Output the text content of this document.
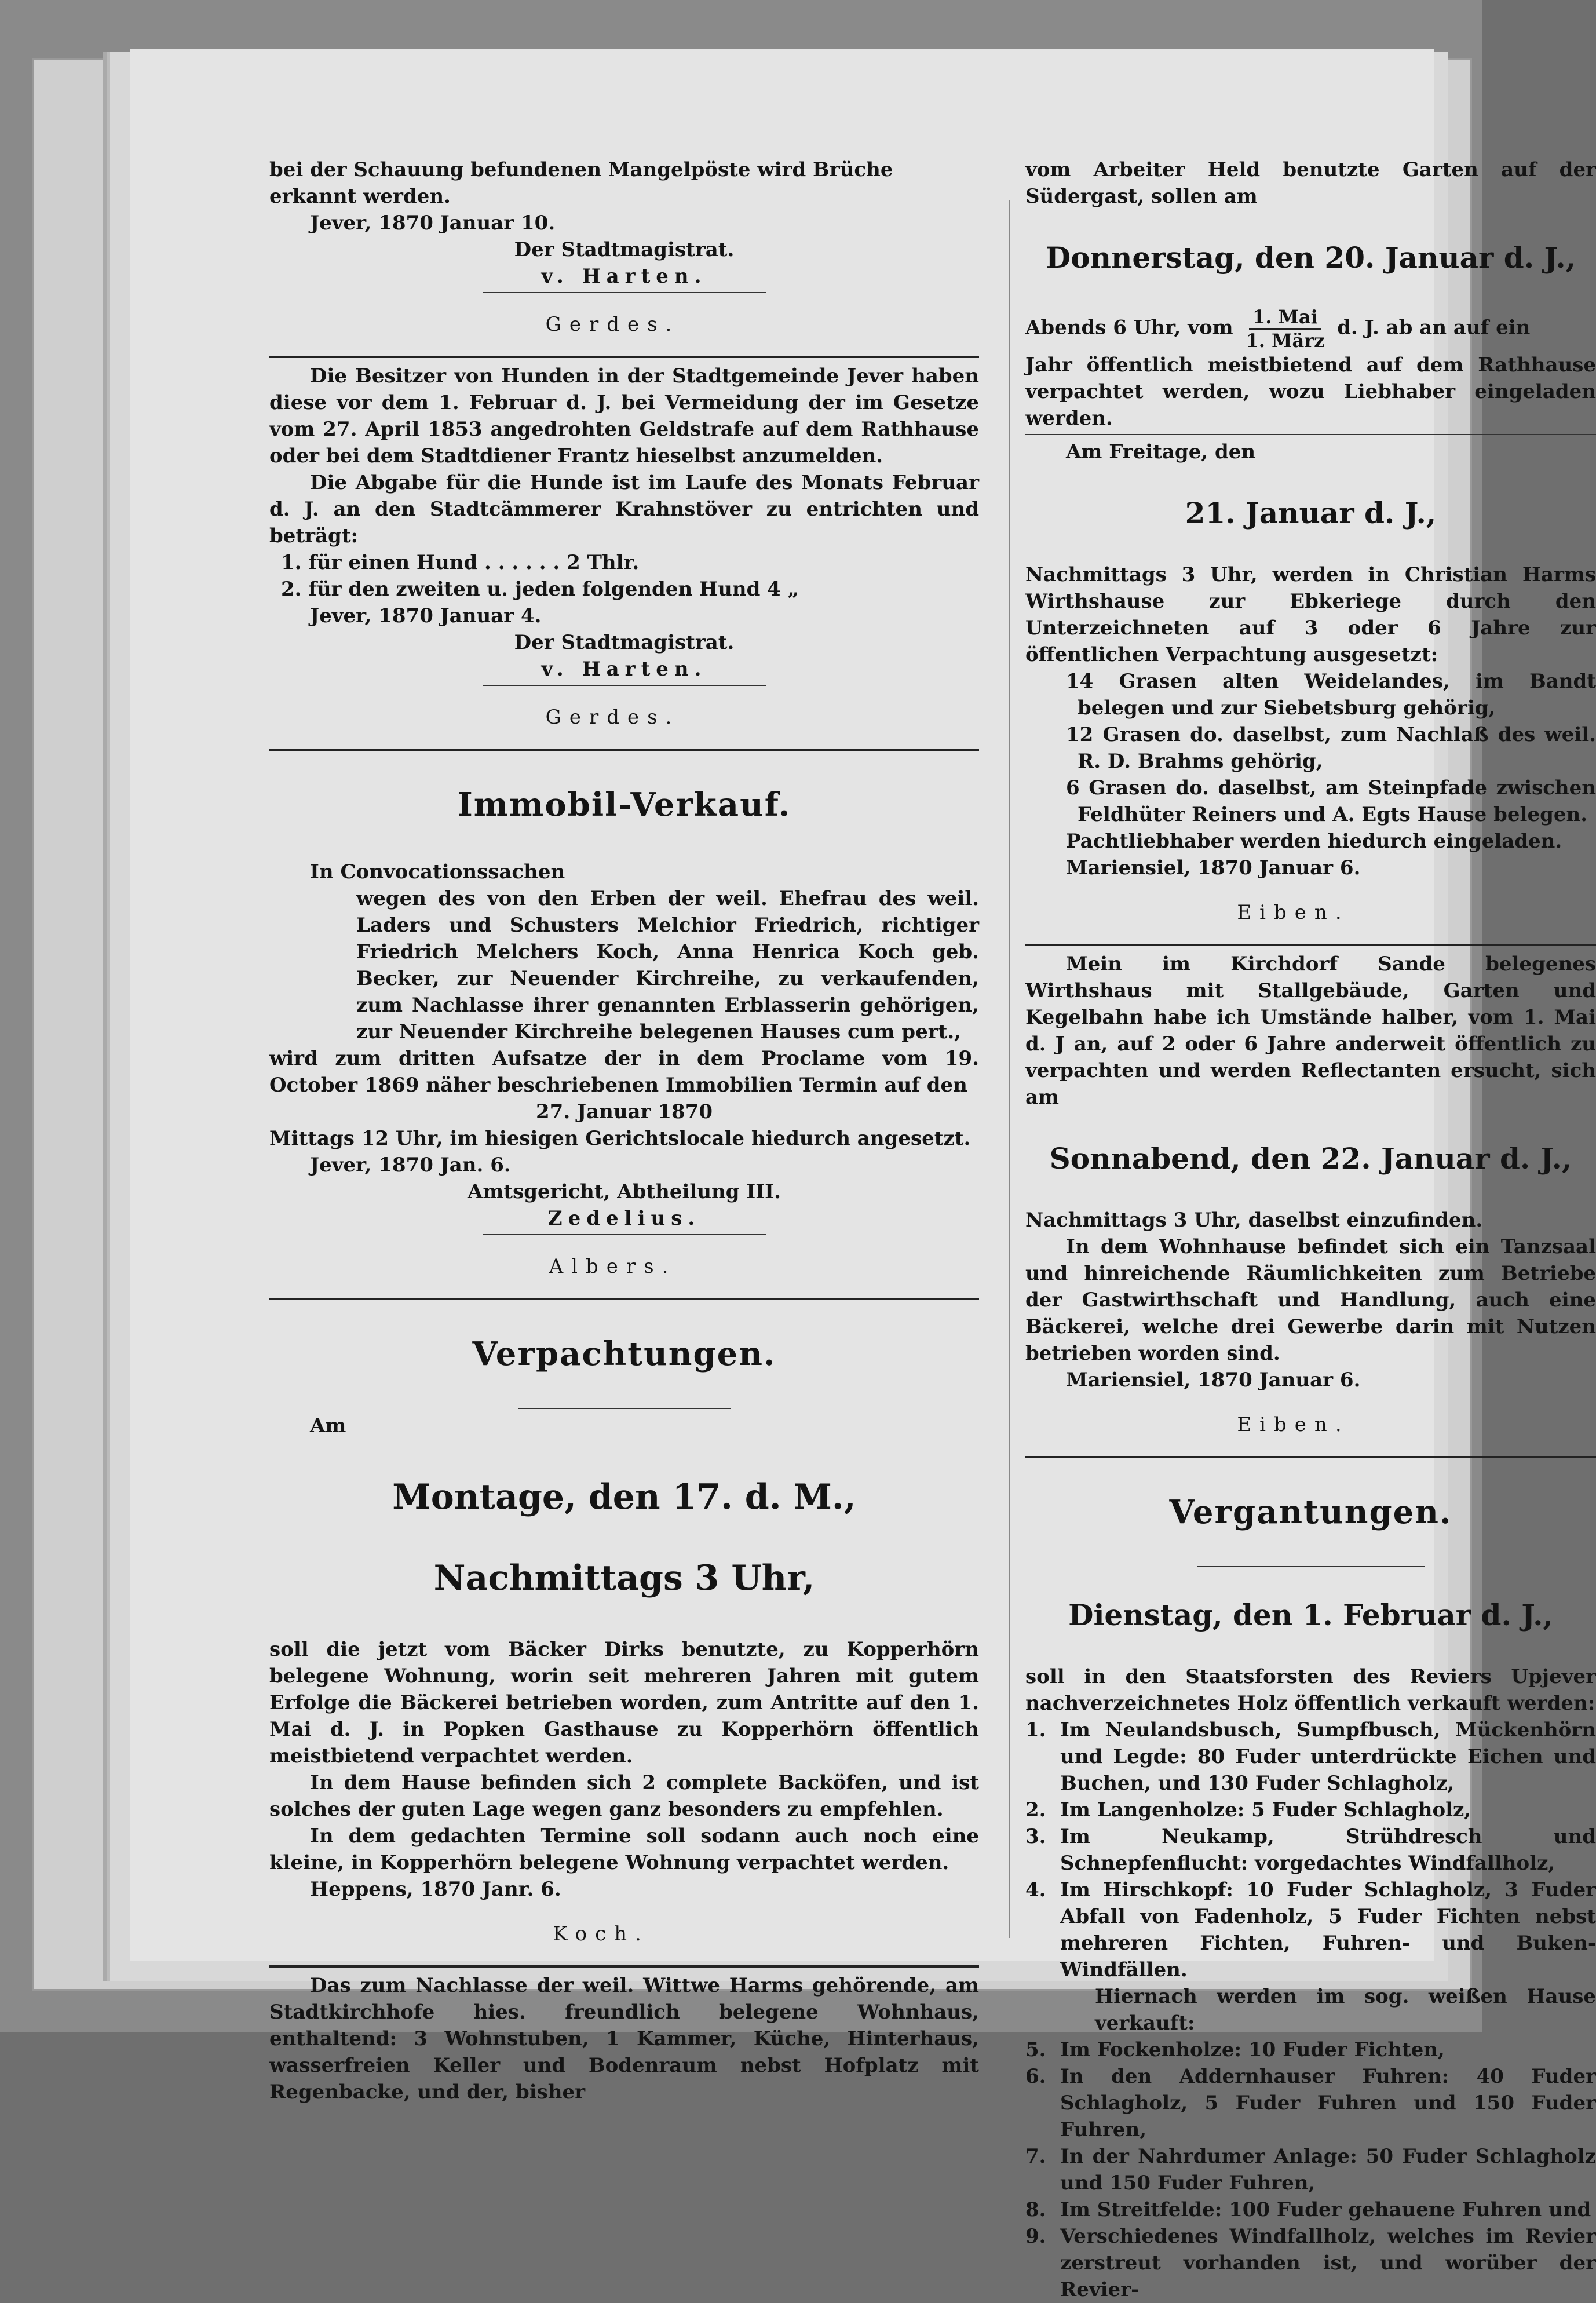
bei der Schauung befundenen Mangelpöste wird Brüche

erkannt werden.

Jever, 1870 Januar 10.

Der Stadtmagistrat.

v. Harten.

Gerdes.

Die Besitzer von Hunden in der Stadtgemeinde Jever haben diese vor dem 1. Februar d. J. bei Vermeidung der im Gesetze vom 27. April 1853 angedrohten Geldstrafe auf dem Rathhause oder bei dem Stadtdiener Frantz hieselbst anzumelden.

Die Abgabe für die Hunde ist im Laufe des Monats Februar d. J. an den Stadtcämmerer Krahnstöver zu entrichten und beträgt:

1. für einen Hund . . . . . . 2 Thlr.

2. für den zweiten u. jeden folgenden Hund 4 „

Jever, 1870 Januar 4.

Der Stadtmagistrat.

v. Harten.

Gerdes.

Immobil-Verkauf.

In Convocationssachen

wegen des von den Erben der weil. Ehefrau des weil. Laders und Schusters Melchior Friedrich, richtiger Friedrich Melchers Koch, Anna Henrica Koch geb. Becker, zur Neuender Kirchreihe, zu verkaufenden, zum Nachlasse ihrer genannten Erblasserin gehörigen, zur Neuender Kirchreihe belegenen Hauses cum pert.,

wird zum dritten Aufsatze der in dem Proclame vom 19. October 1869 näher beschriebenen Immobilien Termin auf den

27. Januar 1870

Mittags 12 Uhr, im hiesigen Gerichtslocale hiedurch angesetzt.

Jever, 1870 Jan. 6.

Amtsgericht, Abtheilung III.

Zedelius.

Albers.

Verpachtungen.

Am

Montage, den 17. d. M.,

Nachmittags 3 Uhr,

soll die jetzt vom Bäcker Dirks benutzte, zu Kopperhörn belegene Wohnung, worin seit mehreren Jahren mit gutem Erfolge die Bäckerei betrieben worden, zum Antritte auf den 1. Mai d. J. in Popken Gasthause zu Kopperhörn öffentlich meistbietend verpachtet werden.

In dem Hause befinden sich 2 complete Backöfen, und ist solches der guten Lage wegen ganz besonders zu empfehlen.

In dem gedachten Termine soll sodann auch noch eine kleine, in Kopperhörn belegene Wohnung verpachtet werden.

Heppens, 1870 Janr. 6.

Koch.

Das zum Nachlasse der weil. Wittwe Harms gehörende, am Stadtkirchhofe hies. freundlich belegene Wohnhaus, enthaltend: 3 Wohnstuben, 1 Kammer, Küche, Hinterhaus, wasserfreien Keller und Bodenraum nebst Hofplatz mit Regenbacke, und der, bisher

vom Arbeiter Held benutzte Garten auf der Südergast, sollen am

Donnerstag, den 20. Januar d. J.,

Abends 6 Uhr, vom $\frac{\text{1. Mai}}{\text{1. März}} d$. J. ab an auf ein

Jahr öffentlich meistbietend auf dem Rathhause verpachtet werden, wozu Liebhaber eingeladen werden.

Am Freitage, den

21. Januar d. J.,

Nachmittags 3 Uhr, werden in Christian Harms Wirthshause zur Ebkeriege durch den Unterzeichneten auf 3 oder 6 Jahre zur öffentlichen Verpachtung ausgesetzt:

14 Grasen alten Weidelandes, im Bandt belegen und zur Siebetsburg gehörig,

12 Grasen do. daselbst, zum Nachlaß des weil. R. D. Brahms gehörig,

6 Grasen do. daselbst, am Steinpfade zwischen Feldhüter Reiners und A. Egts Hause belegen.

Pachtliebhaber werden hiedurch eingeladen.

Mariensiel, 1870 Januar 6.

Eiben.

Mein im Kirchdorf Sande belegenes Wirthshaus mit Stallgebäude, Garten und Kegelbahn habe ich Umstände halber, vom 1. Mai d. J an, auf 2 oder 6 Jahre anderweit öffentlich zu verpachten und werden Reflectanten ersucht, sich am

Sonnabend, den 22. Januar d. J.,

Nachmittags 3 Uhr, daselbst einzufinden.

In dem Wohnhause befindet sich ein Tanzsaal und hinreichende Räumlichkeiten zum Betriebe der Gastwirthschaft und Handlung, auch eine Bäckerei, welche drei Gewerbe darin mit Nutzen betrieben worden sind.

Mariensiel, 1870 Januar 6.

Eiben.

Vergantungen.

Dienstag, den 1. Februar d. J.,

soll in den Staatsforsten des Reviers Upjever nachverzeichnetes Holz öffentlich verkauft werden:

1. Im Neulandsbusch, Sumpfbusch, Mückenhörn und Legde: 80 Fuder unterdrückte Eichen und Buchen, und 130 Fuder Schlagholz,
2. Im Langenholze: 5 Fuder Schlagholz,
3. Im Neukamp, Strühdresch und Schnepfenflucht: vorgedachtes Windfallholz,
4. Im Hirschkopf: 10 Fuder Schlagholz, 3 Fuder Abfall von Fadenholz, 5 Fuder Fichten nebst mehreren Fichten, Fuhren- und Buken-Windfällen.
Hiernach werden im sog. weißen Hause verkauft:
5. Im Fockenholze: 10 Fuder Fichten,
6. In den Addernhauser Fuhren: 40 Fuder Schlagholz, 5 Fuder Fuhren und 150 Fuder Fuhren,
7. In der Nahrdumer Anlage: 50 Fuder Schlagholz und 150 Fuder Fuhren,
8. Im Streitfelde: 100 Fuder gehauene Fuhren und
9. Verschiedenes Windfallholz, welches im Revier zerstreut vorhanden ist, und worüber der Revier-
